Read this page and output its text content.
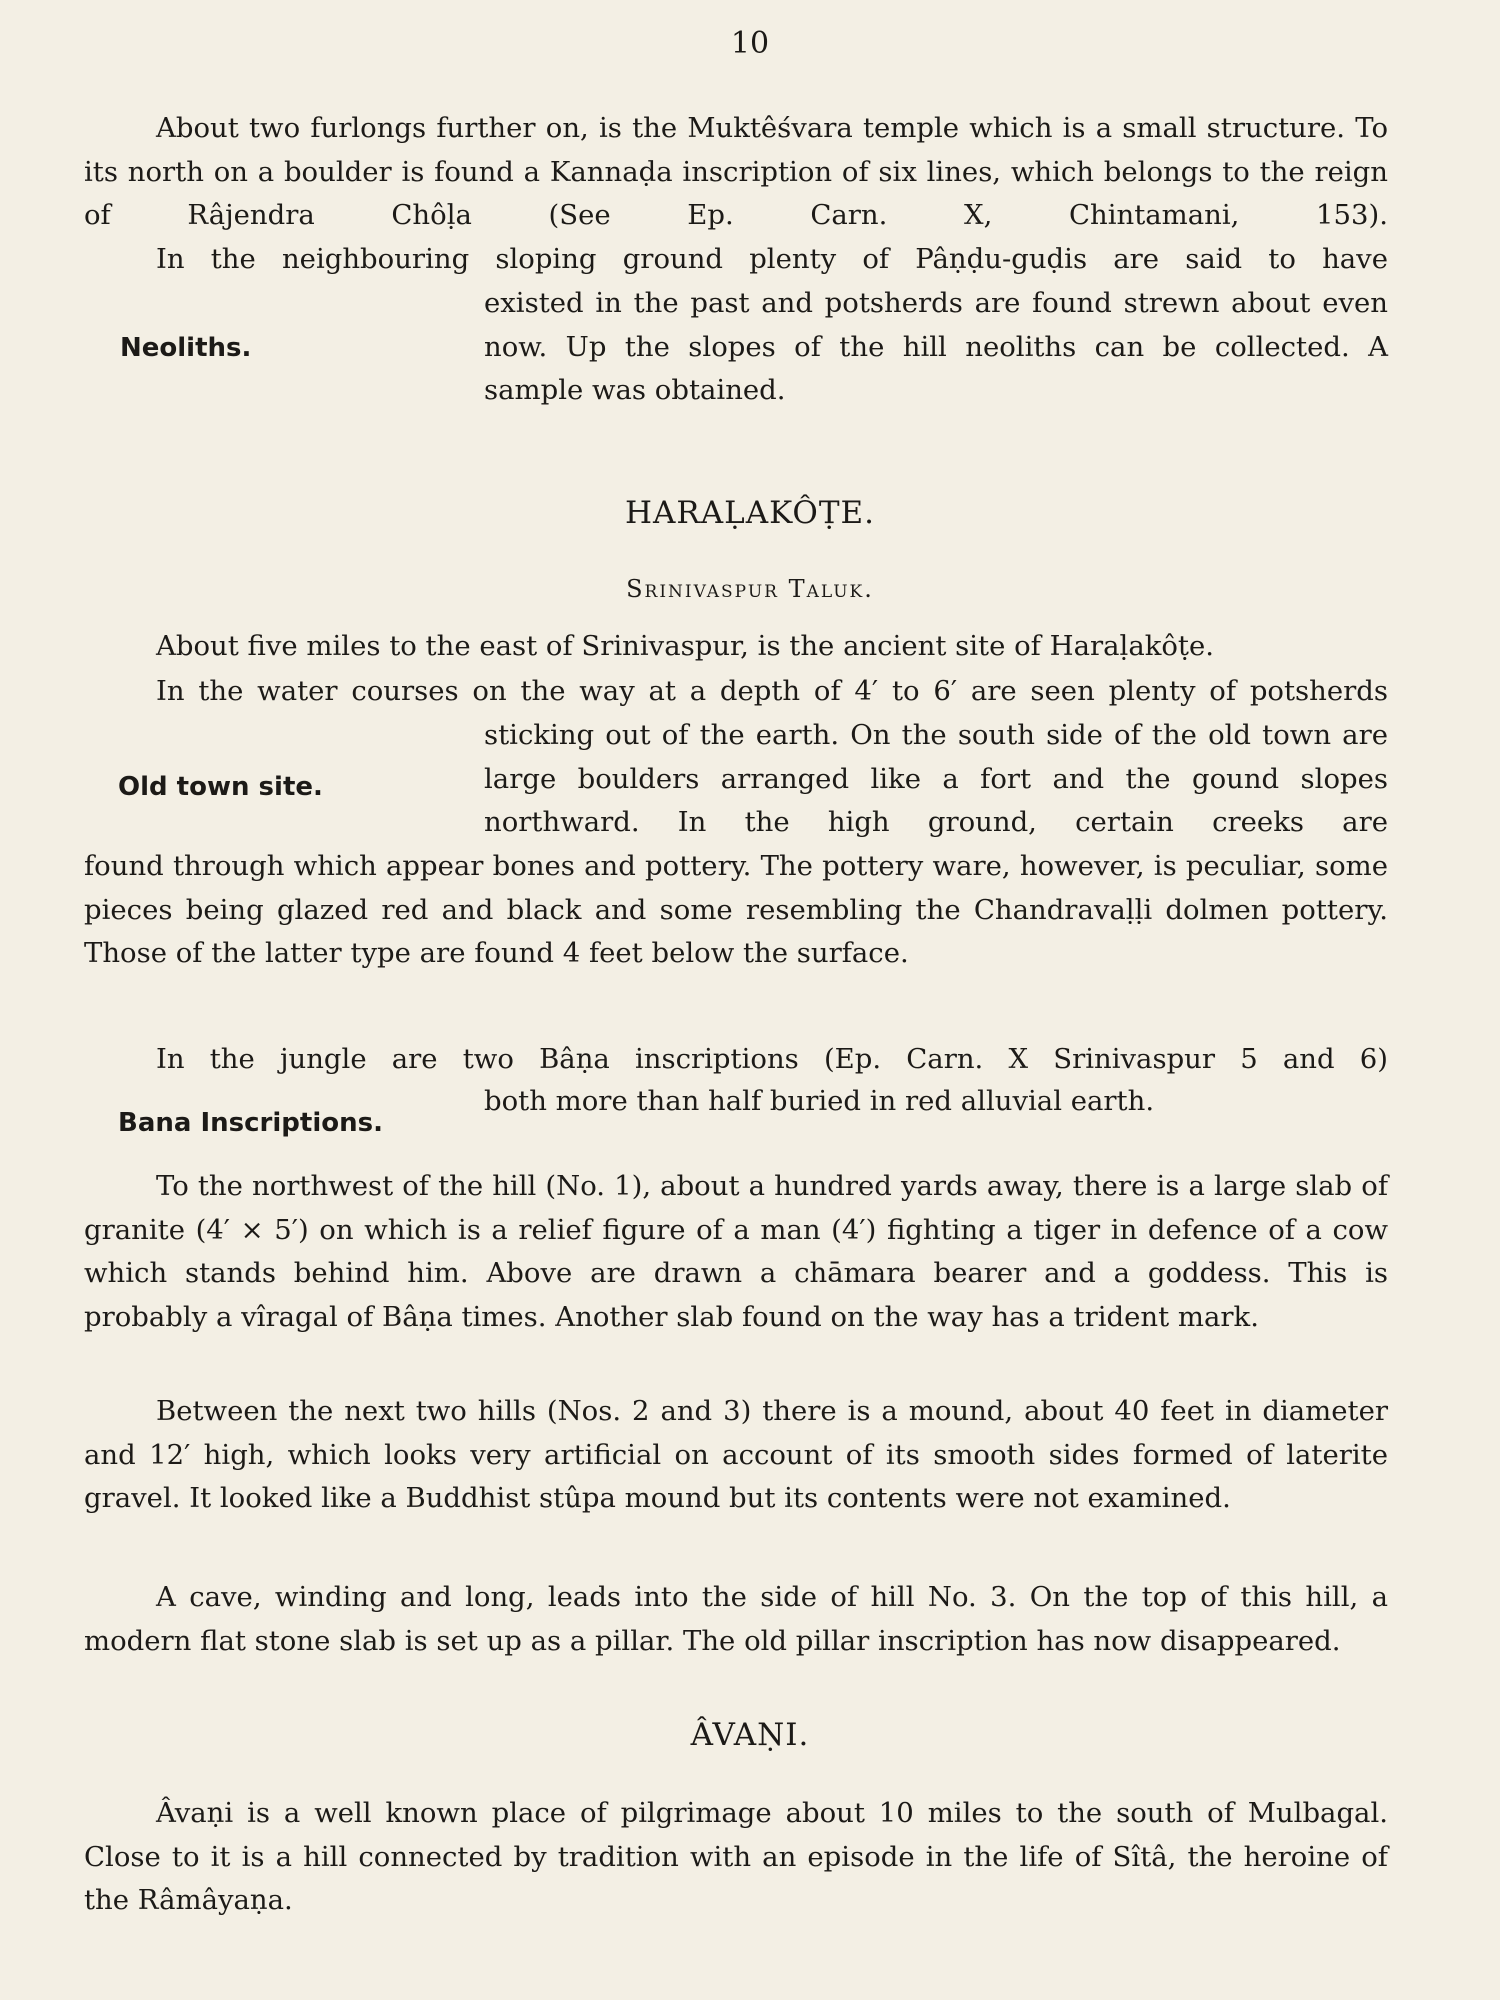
10

About two furlongs further on, is the Muktêśvara temple which is a small structure. To its north on a boulder is found a Kannaḍa inscription of six lines, which belongs to the reign of Râjendra Chôḷa (See Ep. Carn. X, Chintamani, 153).

In the neighbouring sloping ground plenty of Pâṇḍu-guḍis are said to have

existed in the past and potsherds are found strewn about even now. Up the slopes of the hill neoliths can be collected. A sample was obtained.

Neoliths.
HARAḶAKÔṬE.
Srinivaspur Taluk.

About five miles to the east of Srinivaspur, is the ancient site of Haraḷakôṭe.

In the water courses on the way at a depth of 4′ to 6′ are seen plenty of potsherds

sticking out of the earth. On the south side of the old town are large boulders arranged like a fort and the gound slopes northward. In the high ground, certain creeks are

found through which appear bones and pottery. The pottery ware, however, is peculiar, some pieces being glazed red and black and some resembling the Chandravaḷḷi dolmen pottery. Those of the latter type are found 4 feet below the surface.

Old town site.

In the jungle are two Bâṇa inscriptions (Ep. Carn. X Srinivaspur 5 and 6)

both more than half buried in red alluvial earth.

Bana Inscriptions.

To the northwest of the hill (No. 1), about a hundred yards away, there is a large slab of granite (4′ × 5′) on which is a relief figure of a man (4′) fighting a tiger in defence of a cow which stands behind him. Above are drawn a chāmara bearer and a goddess. This is probably a vîragal of Bâṇa times. Another slab found on the way has a trident mark.

Between the next two hills (Nos. 2 and 3) there is a mound, about 40 feet in diameter and 12′ high, which looks very artificial on account of its smooth sides formed of laterite gravel. It looked like a Buddhist stûpa mound but its contents were not examined.

A cave, winding and long, leads into the side of hill No. 3. On the top of this hill, a modern flat stone slab is set up as a pillar. The old pillar inscription has now disappeared.

ÂVAṆI.

Âvaṇi is a well known place of pilgrimage about 10 miles to the south of Mulbagal. Close to it is a hill connected by tradition with an episode in the life of Sîtâ, the heroine of the Râmâyaṇa.
